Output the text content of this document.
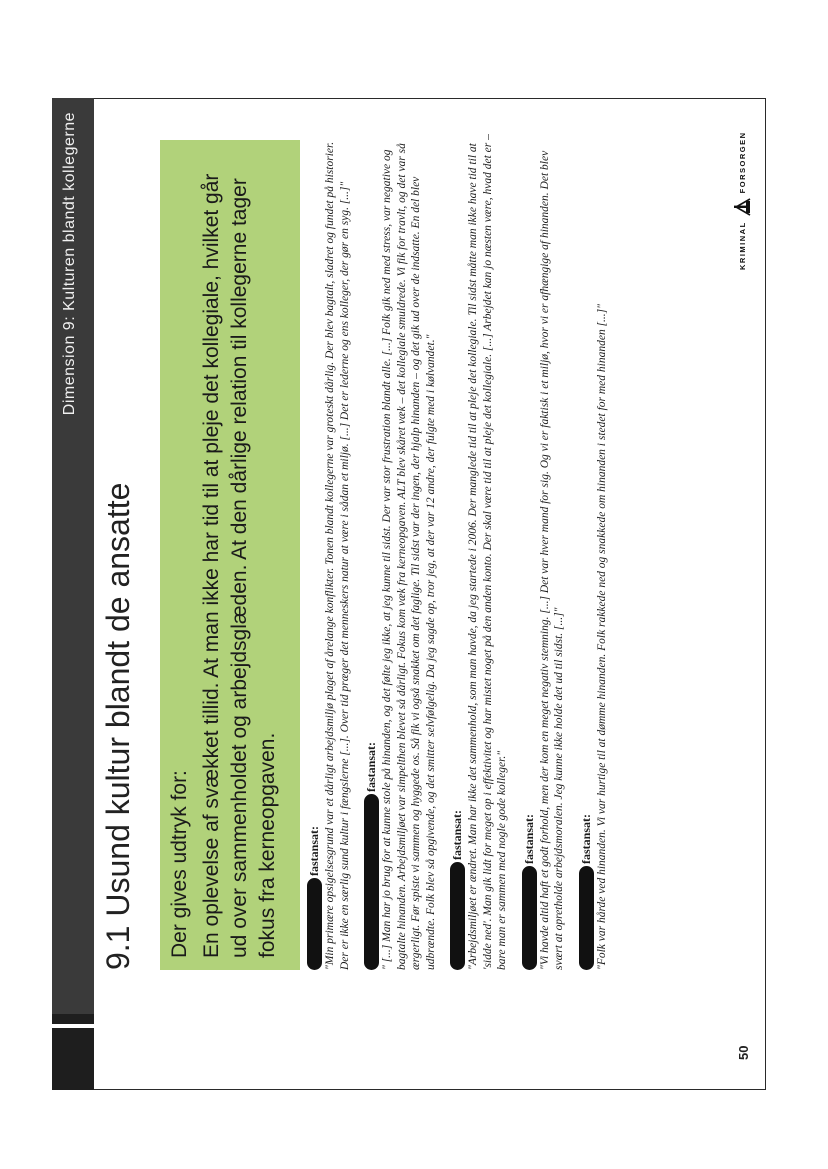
Dimension 9: Kulturen blandt kollegerne
9.1 Usund kultur blandt de ansatte Der gives udtryk for: En oplevelse af svækket tillid. At man ikke har tid til at pleje det kollegiale, hvilket går ud over sammenholdet og arbejdsglæden. At den dårlige relation til kollegerne tager fokus fra kerneopgaven. fastansat: "Min primære opsigelsesgrund var et dårligt arbejdsmiljø plaget af årelange konflikter. Tonen blandt kollegerne var groteskt dårlig. Der blev bagtalt, sladret og fundet på historier. Der er ikke en særlig sund kultur i fængslerne [...]. Over tid præger det menneskers natur at være i sådan et miljø. [...] Det er lederne og ens kolleger, der gør en syg. [...]" fastansat: " [...] Man har jo brug for at kunne stole på hinanden, og det følte jeg ikke, at jeg kunne til sidst. Der var stor frustration blandt alle. [...] Folk gik ned med stress, var negative og bagtalte hinanden. Arbejdsmiljøet var simpelthen blevet så dårligt. Fokus kom væk fra kerneopgaven. ALT blev skåret væk – det kollegiale smuldrede. Vi fik for travlt, og det var så ærgerligt. Før spiste vi sammen og hyggede os. Så fik vi også snakket om det faglige. Til sidst var der ingen, der hjalp hinanden – og det gik ud over de indsatte. En del blev udbrændte. Folk blev så opgivende, og det smitter selvfølgelig. Da jeg sagde op, tror jeg, at der var 12 andre, der fulgte med i kølvandet." fastansat: "Arbejdsmiljøet er ændret. Man har ikke det sammenhold, som man havde, da jeg startede i 2006. Der manglede tid til at pleje det kollegiale. Til sidst måtte man ikke have tid til at 'sidde ned'. Man gik lidt for meget op i effektivitet og har mistet noget på den anden konto. Der skal være tid til at pleje det kollegiale. [...] Arbejdet kan jo næsten være, hvad det er – bare man er sammen med nogle gode kolleger." fastansat: "Vi havde altid haft et godt forhold, men der kom en meget negativ stemning. [...] Det var hver mand for sig. Og vi er faktisk i et miljø, hvor vi er afhængige af hinanden. Det blev svært at opretholde arbejdsmoralen. Jeg kunne ikke holde det ud til sidst. [...]" fastansat: "Folk var hårde ved hinanden. Vi var hurtige til at dømme hinanden. Folk rakkede ned og snakkede om hinanden i stedet for med hinanden [...]"

50
KRIMINAL
FORSORGEN
